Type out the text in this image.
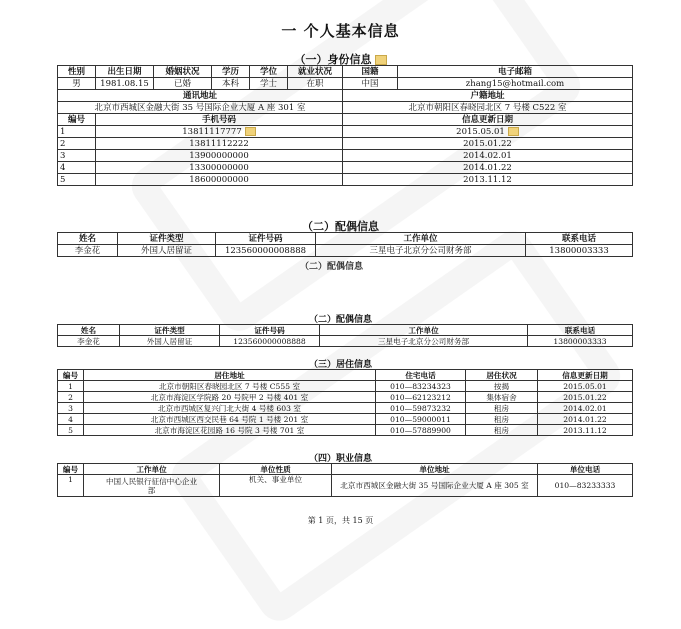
一 个人基本信息
（一）身份信息
性别	出生日期	婚姻状况	学历	学位	就业状况	国籍	电子邮箱
男	1981.08.15	已婚	本科	学士	在职	中国	zhang15@hotmail.com
通讯地址						户籍地址	
北京市西城区金融大街 35 号国际企业大厦 A 座 301 室						北京市朝阳区春晓园北区 7 号楼 C522 室	
编号	手机号码					信息更新日期	
1	13811117777					2015.05.01	
2	13811112222					2015.01.22	
3	13900000000					2014.02.01	
4	13300000000					2014.01.22	
5	18600000000					2013.11.12	
（二）配偶信息
姓名	证件类型	证件号码	工作单位	联系电话
李金花	外国人居留证	123560000008888	三星电子北京分公司财务部	13800003333
（二）配偶信息
（二）配偶信息
姓名	证件类型	证件号码	工作单位	联系电话
李金花	外国人居留证	123560000008888	三星电子北京分公司财务部	13800003333
（三）居住信息
编号	居住地址	住宅电话	居住状况	信息更新日期
1	北京市朝阳区春晓园北区 7 号楼 C555 室	010—83234323	按揭	2015.05.01
2	北京市海淀区学院路 20 号院甲 2 号楼 401 室	010—62123212	集体宿舍	2015.01.22
3	北京市西城区复兴门北大街 4 号楼 603 室	010—59873232	租房	2014.02.01
4	北京市西城区西交民巷 64 号院 1 号楼 201 室	010—59000011	租房	2014.01.22
5	北京市海淀区花园路 16 号院 3 号楼 701 室	010—57889900	租房	2013.11.12
（四）职业信息
编号	工作单位	单位性质	单位地址	单位电话
1	中国人民银行征信中心企业部	机关、事业单位	北京市西城区金融大街 35 号国际企业大厦 A 座 305 室	010—83233333
第 1 页，共 15 页
